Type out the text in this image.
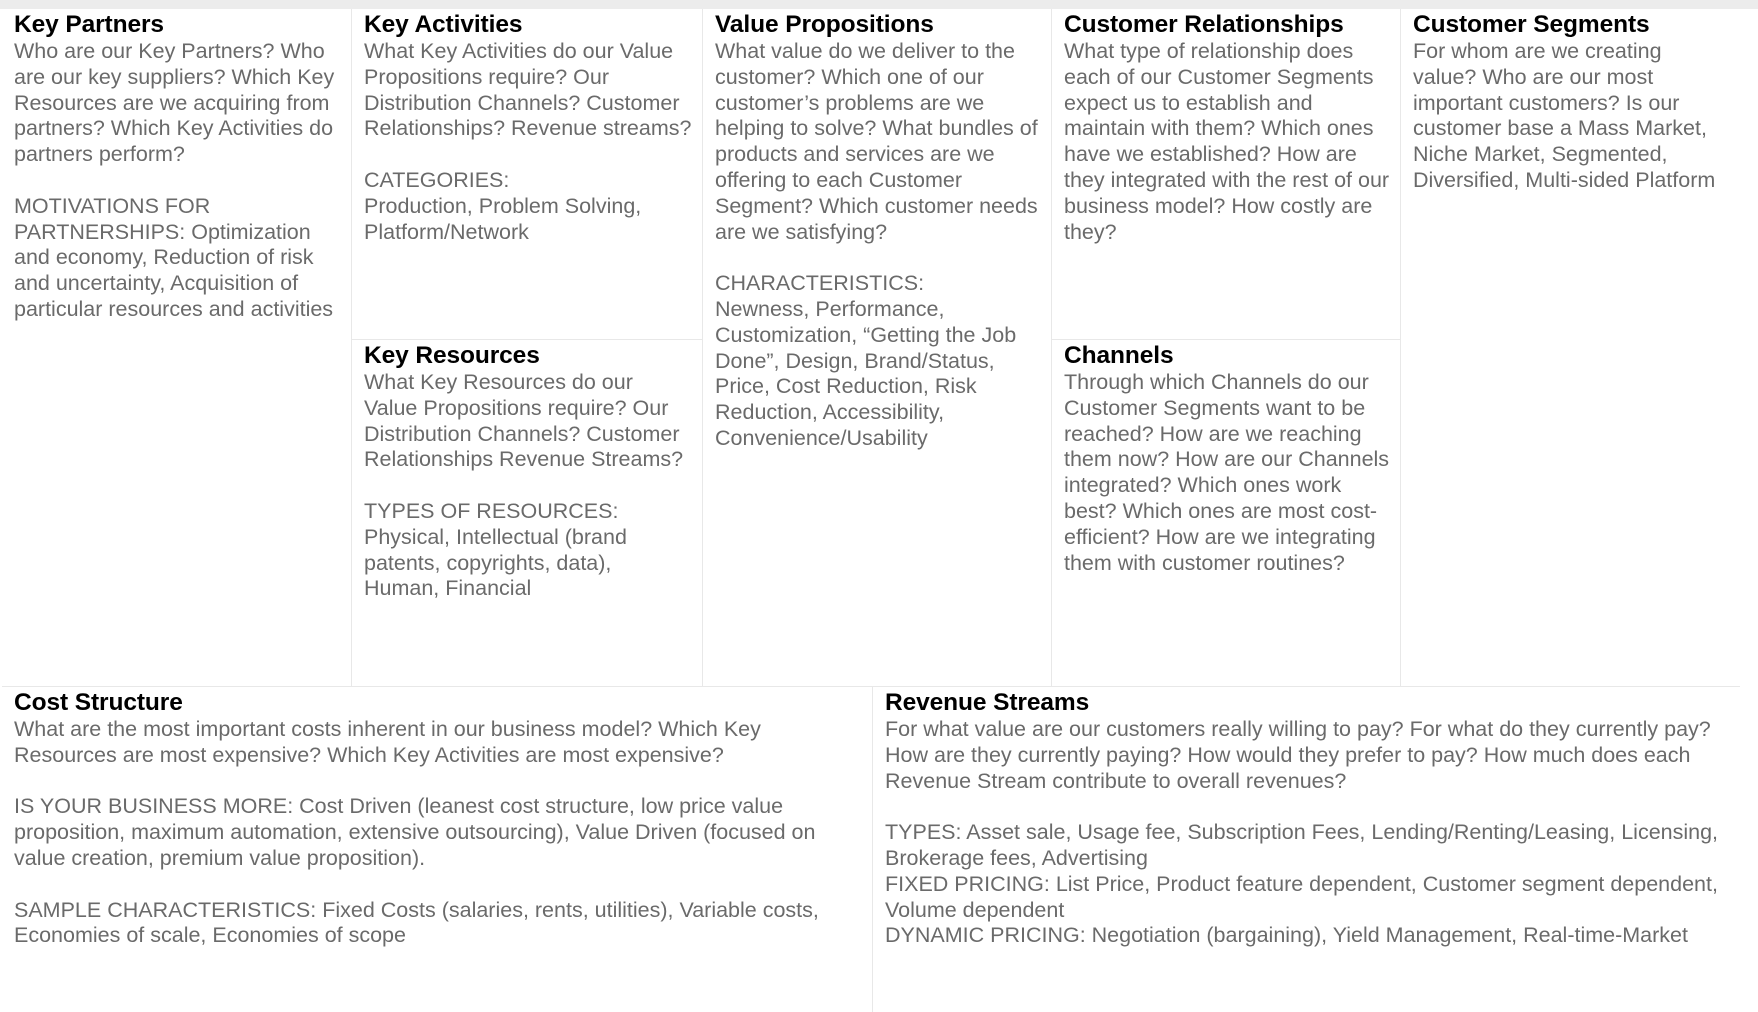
Key Partners

Who are our Key Partners? Who are our key suppliers? Which Key Resources are we acquiring from partners? Which Key Activities do partners perform?

MOTIVATIONS FOR PARTNERSHIPS: Optimization and economy, Reduction of risk and uncertainty, Acquisition of particular resources and activities

Key Activities

What Key Activities do our Value Propositions require? Our Distribution Channels? Customer Relationships? Revenue streams?

CATEGORIES:
Production, Problem Solving, Platform/Network

Key Resources

What Key Resources do our Value Propositions require? Our Distribution Channels? Customer Relationships Revenue Streams?

TYPES OF RESOURCES:
Physical, Intellectual (brand patents, copyrights, data), Human, Financial

Value Propositions

What value do we deliver to the customer? Which one of our customer’s problems are we helping to solve? What bundles of products and services are we offering to each Customer Segment? Which customer needs are we satisfying?

CHARACTERISTICS:
Newness, Performance, Customization, “Getting the Job Done”, Design, Brand/Status, Price, Cost Reduction, Risk Reduction, Accessibility, Convenience/Usability

Customer Relationships

What type of relationship does each of our Customer Segments expect us to establish and maintain with them? Which ones have we established? How are they integrated with the rest of our business model? How costly are they?

Channels

Through which Channels do our Customer Segments want to be reached? How are we reaching them now? How are our Channels integrated? Which ones work best? Which ones are most cost-efficient? How are we integrating them with customer routines?

Customer Segments

For whom are we creating value? Who are our most important customers? Is our customer base a Mass Market, Niche Market, Segmented, Diversified, Multi-sided Platform

Cost Structure

What are the most important costs inherent in our business model? Which Key Resources are most expensive? Which Key Activities are most expensive?

IS YOUR BUSINESS MORE: Cost Driven (leanest cost structure, low price value proposition, maximum automation, extensive outsourcing), Value Driven (focused on value creation, premium value proposition).

SAMPLE CHARACTERISTICS: Fixed Costs (salaries, rents, utilities), Variable costs, Economies of scale, Economies of scope

Revenue Streams

For what value are our customers really willing to pay? For what do they currently pay? How are they currently paying? How would they prefer to pay? How much does each Revenue Stream contribute to overall revenues?

TYPES: Asset sale, Usage fee, Subscription Fees, Lending/Renting/Leasing, Licensing, Brokerage fees, Advertising
FIXED PRICING: List Price, Product feature dependent, Customer segment dependent, Volume dependent
DYNAMIC PRICING: Negotiation (bargaining), Yield Management, Real-time-Market
